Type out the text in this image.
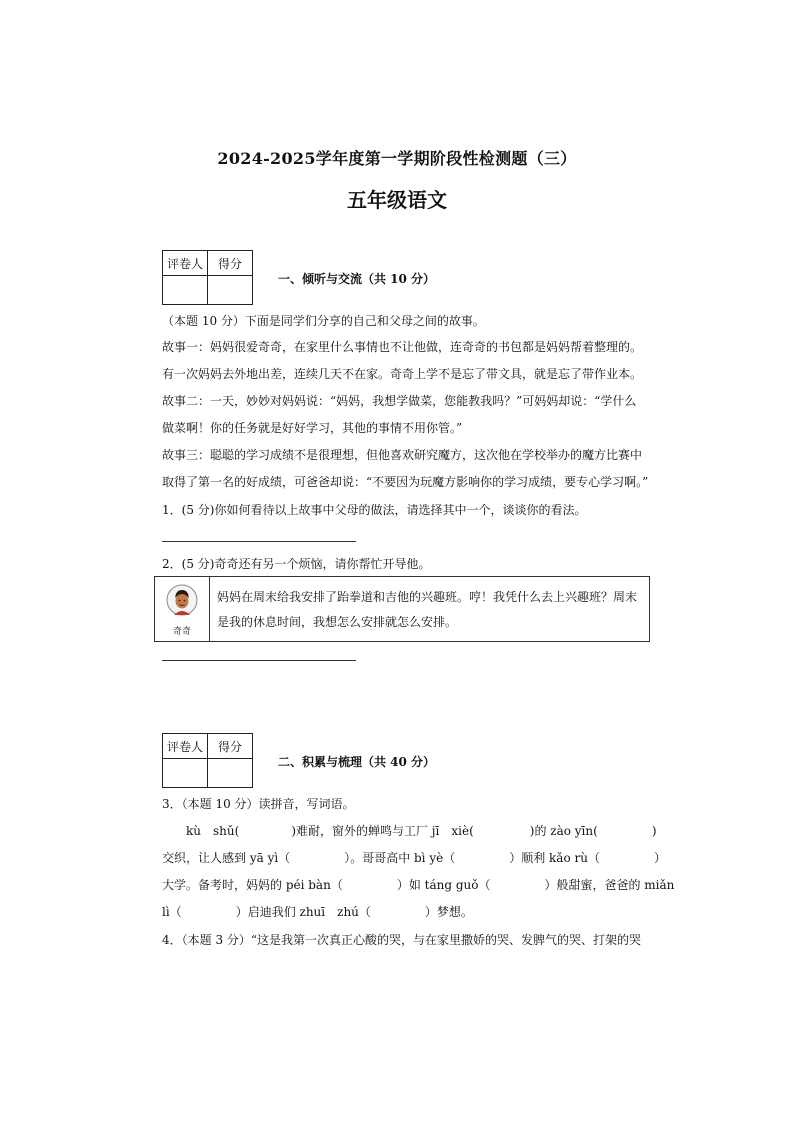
2024-2025学年度第一学期阶段性检测题（三）
五年级语文
评卷人	得分

一、倾听与交流（共 10 分）
（本题 10 分）下面是同学们分享的自己和父母之间的故事。
故事一：妈妈很爱奇奇，在家里什么事情也不让他做，连奇奇的书包都是妈妈帮着整理的。
有一次妈妈去外地出差，连续几天不在家。奇奇上学不是忘了带文具，就是忘了带作业本。
故事二：一天，妙妙对妈妈说：“妈妈，我想学做菜，您能教我吗？”可妈妈却说：“学什么
做菜啊！你的任务就是好好学习，其他的事情不用你管。”
故事三：聪聪的学习成绩不是很理想，但他喜欢研究魔方，这次他在学校举办的魔方比赛中
取得了第一名的好成绩，可爸爸却说：“不要因为玩魔方影响你的学习成绩，要专心学习啊。”
1．(5 分)你如何看待以上故事中父母的做法，请选择其中一个，谈谈你的看法。
2．(5 分)奇奇还有另一个烦恼，请你帮忙开导他。
奇奇
妈妈在周末给我安排了跆拳道和吉他的兴趣班。哼！我凭什么去上兴趣班？周末是我的休息时间，我想怎么安排就怎么安排。
评卷人	得分

二、积累与梳理（共 40 分）
3．（本题 10 分）读拼音，写词语。
kù　shǔ(	)难耐，窗外的蝉鸣与工厂 jī　xiè(	)的 zào yīn(	)
交织，让人感到 yā yì（	）。哥哥高中 bì yè（	）顺利 kǎo rù（	）
大学。备考时，妈妈的 péi bàn（	）如 táng guǒ（	）般甜蜜，爸爸的 miǎn
lì（	）启迪我们 zhuī　zhú（	）梦想。
4．（本题 3 分）“这是我第一次真正心酸的哭，与在家里撒娇的哭、发脾气的哭、打架的哭
